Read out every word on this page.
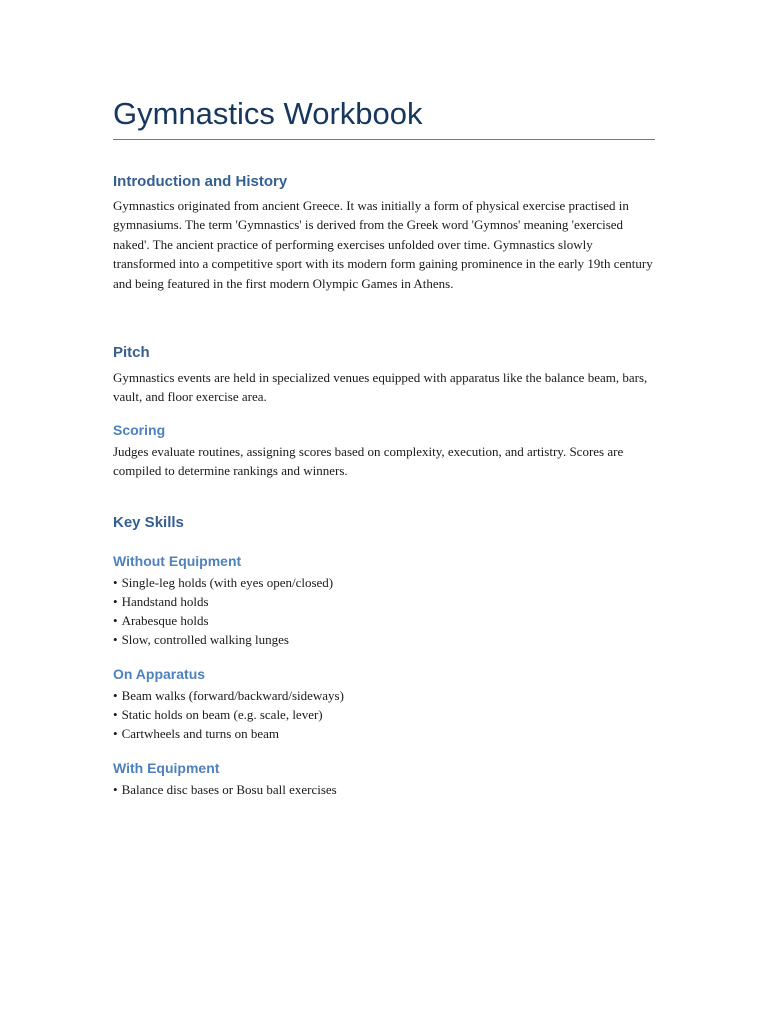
Gymnastics Workbook
Introduction and History

Gymnastics originated from ancient Greece. It was initially a form of physical exercise practised in gymnasiums. The term 'Gymnastics' is derived from the Greek word 'Gymnos' meaning 'exercised naked'. The ancient practice of performing exercises unfolded over time. Gymnastics slowly transformed into a competitive sport with its modern form gaining prominence in the early 19th century and being featured in the first modern Olympic Games in Athens.

Pitch

Gymnastics events are held in specialized venues equipped with apparatus like the balance beam, bars, vault, and floor exercise area.

Scoring

Judges evaluate routines, assigning scores based on complexity, execution, and artistry. Scores are compiled to determine rankings and winners.

Key Skills
Without Equipment
• Single-leg holds (with eyes open/closed)
• Handstand holds
• Arabesque holds
• Slow, controlled walking lunges
On Apparatus
• Beam walks (forward/backward/sideways)
• Static holds on beam (e.g. scale, lever)
• Cartwheels and turns on beam
With Equipment
• Balance disc bases or Bosu ball exercises
